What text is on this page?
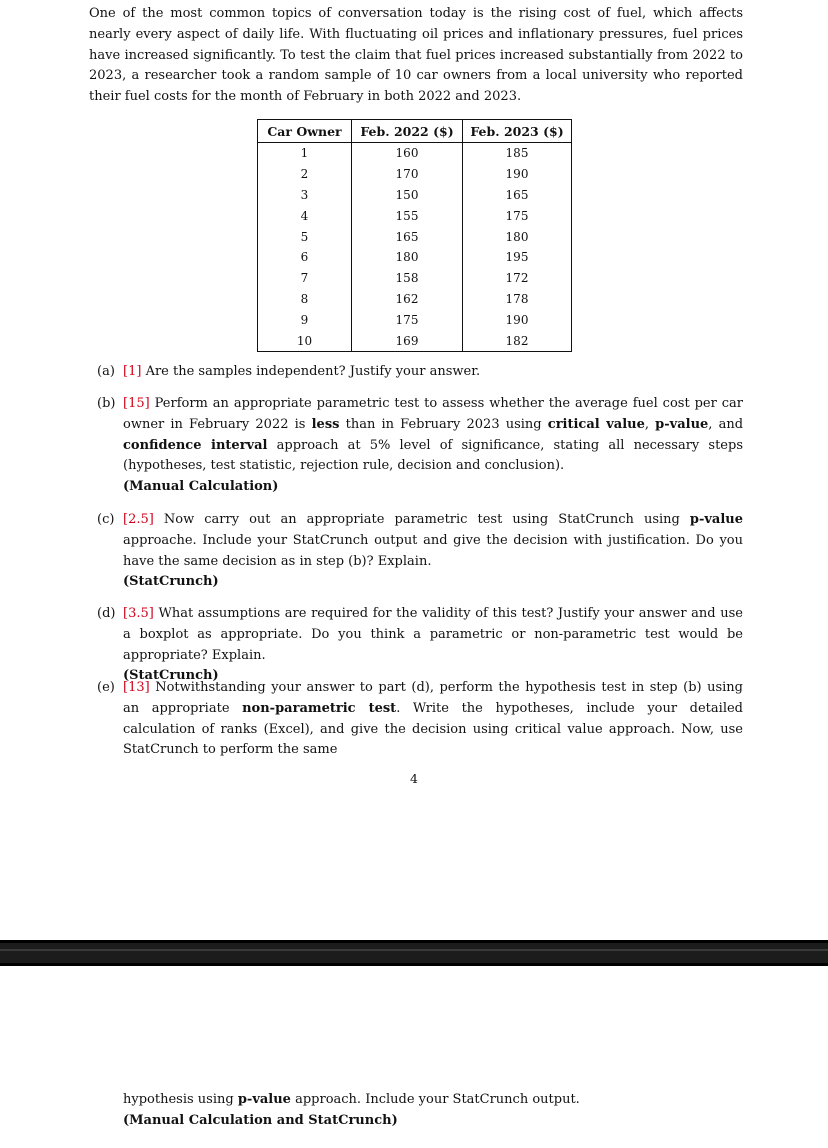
One of the most common topics of conversation today is the rising cost of fuel, which affects nearly every aspect of daily life. With fluctuating oil prices and inflationary pressures, fuel prices have increased significantly. To test the claim that fuel prices increased substantially from 2022 to 2023, a researcher took a random sample of 10 car owners from a local university who reported their fuel costs for the month of February in both 2022 and 2023.

Car Owner	Feb. 2022 ($)	Feb. 2023 ($)
1	160	185
2	170	190
3	150	165
4	155	175
5	165	180
6	180	195
7	158	172
8	162	178
9	175	190
10	169	182
(a) [1] Are the samples independent? Justify your answer.
(b) [15] Perform an appropriate parametric test to assess whether the average fuel cost per car owner in February 2022 is less than in February 2023 using critical value, p-value, and confidence interval approach at 5% level of significance, stating all necessary steps (hypotheses, test statistic, rejection rule, decision and conclusion).
(Manual Calculation)
(c) [2.5] Now carry out an appropriate parametric test using StatCrunch using p-value approache. Include your StatCrunch output and give the decision with justification. Do you have the same decision as in step (b)? Explain.
(StatCrunch)
(d) [3.5] What assumptions are required for the validity of this test? Justify your answer and use a boxplot as appropriate. Do you think a parametric or non-parametric test would be appropriate? Explain.
(StatCrunch)
(e) [13] Notwithstanding your answer to part (d), perform the hypothesis test in step (b) using an appropriate non-parametric test. Write the hypotheses, include your detailed calculation of ranks (Excel), and give the decision using critical value approach. Now, use StatCrunch to perform the same
4
hypothesis using p-value approach. Include your StatCrunch output.
(Manual Calculation and StatCrunch)
